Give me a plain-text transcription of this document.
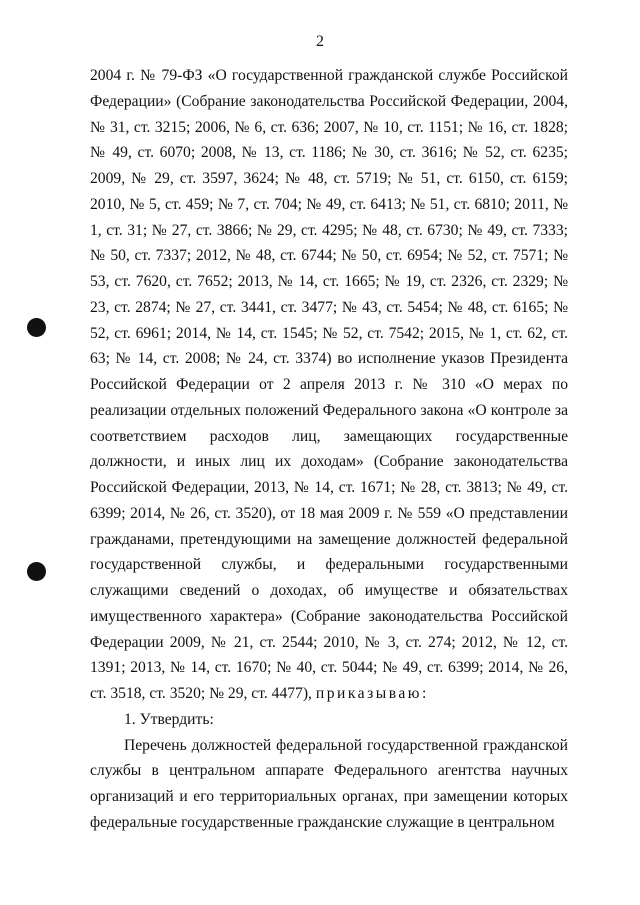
2

2004 г. № 79-ФЗ «О государственной гражданской службе Российской Федерации» (Собрание законодательства Российской Федерации, 2004, № 31, ст. 3215; 2006, № 6, ст. 636; 2007, № 10, ст. 1151; № 16, ст. 1828; № 49, ст. 6070; 2008, № 13, ст. 1186; № 30, ст. 3616; № 52, ст. 6235; 2009, № 29, ст. 3597, 3624; № 48, ст. 5719; № 51, ст. 6150, ст. 6159; 2010, № 5, ст. 459; № 7, ст. 704; № 49, ст. 6413; № 51, ст. 6810; 2011, № 1, ст. 31; № 27, ст. 3866; № 29, ст. 4295; № 48, ст. 6730; № 49, ст. 7333; № 50, ст. 7337; 2012, № 48, ст. 6744; № 50, ст. 6954; № 52, ст. 7571; № 53, ст. 7620, ст. 7652; 2013, № 14, ст. 1665; № 19, ст. 2326, ст. 2329; № 23, ст. 2874; № 27, ст. 3441, ст. 3477; № 43, ст. 5454; № 48, ст. 6165; № 52, ст. 6961; 2014, № 14, ст. 1545; № 52, ст. 7542; 2015, № 1, ст. 62, ст. 63; № 14, ст. 2008; № 24, ст. 3374) во исполнение указов Президента Российской Федерации от 2 апреля 2013 г. № 310 «О мерах по реализации отдельных положений Федерального закона «О контроле за соответствием расходов лиц, замещающих государственные должности, и иных лиц их доходам» (Собрание законодательства Российской Федерации, 2013, № 14, ст. 1671; № 28, ст. 3813; № 49, ст. 6399; 2014, № 26, ст. 3520), от 18 мая 2009 г. № 559 «О представлении гражданами, претендующими на замещение должностей федеральной государственной службы, и федеральными государственными служащими сведений о доходах, об имуществе и обязательствах имущественного характера» (Собрание законодательства Российской Федерации 2009, № 21, ст. 2544; 2010, № 3, ст. 274; 2012, № 12, ст. 1391; 2013, № 14, ст. 1670; № 40, ст. 5044; № 49, ст. 6399; 2014, № 26, ст. 3518, ст. 3520; № 29, ст. 4477), приказываю:

1. Утвердить:

Перечень должностей федеральной государственной гражданской службы в центральном аппарате Федерального агентства научных организаций и его территориальных органах, при замещении которых федеральные государственные гражданские служащие в центральном
